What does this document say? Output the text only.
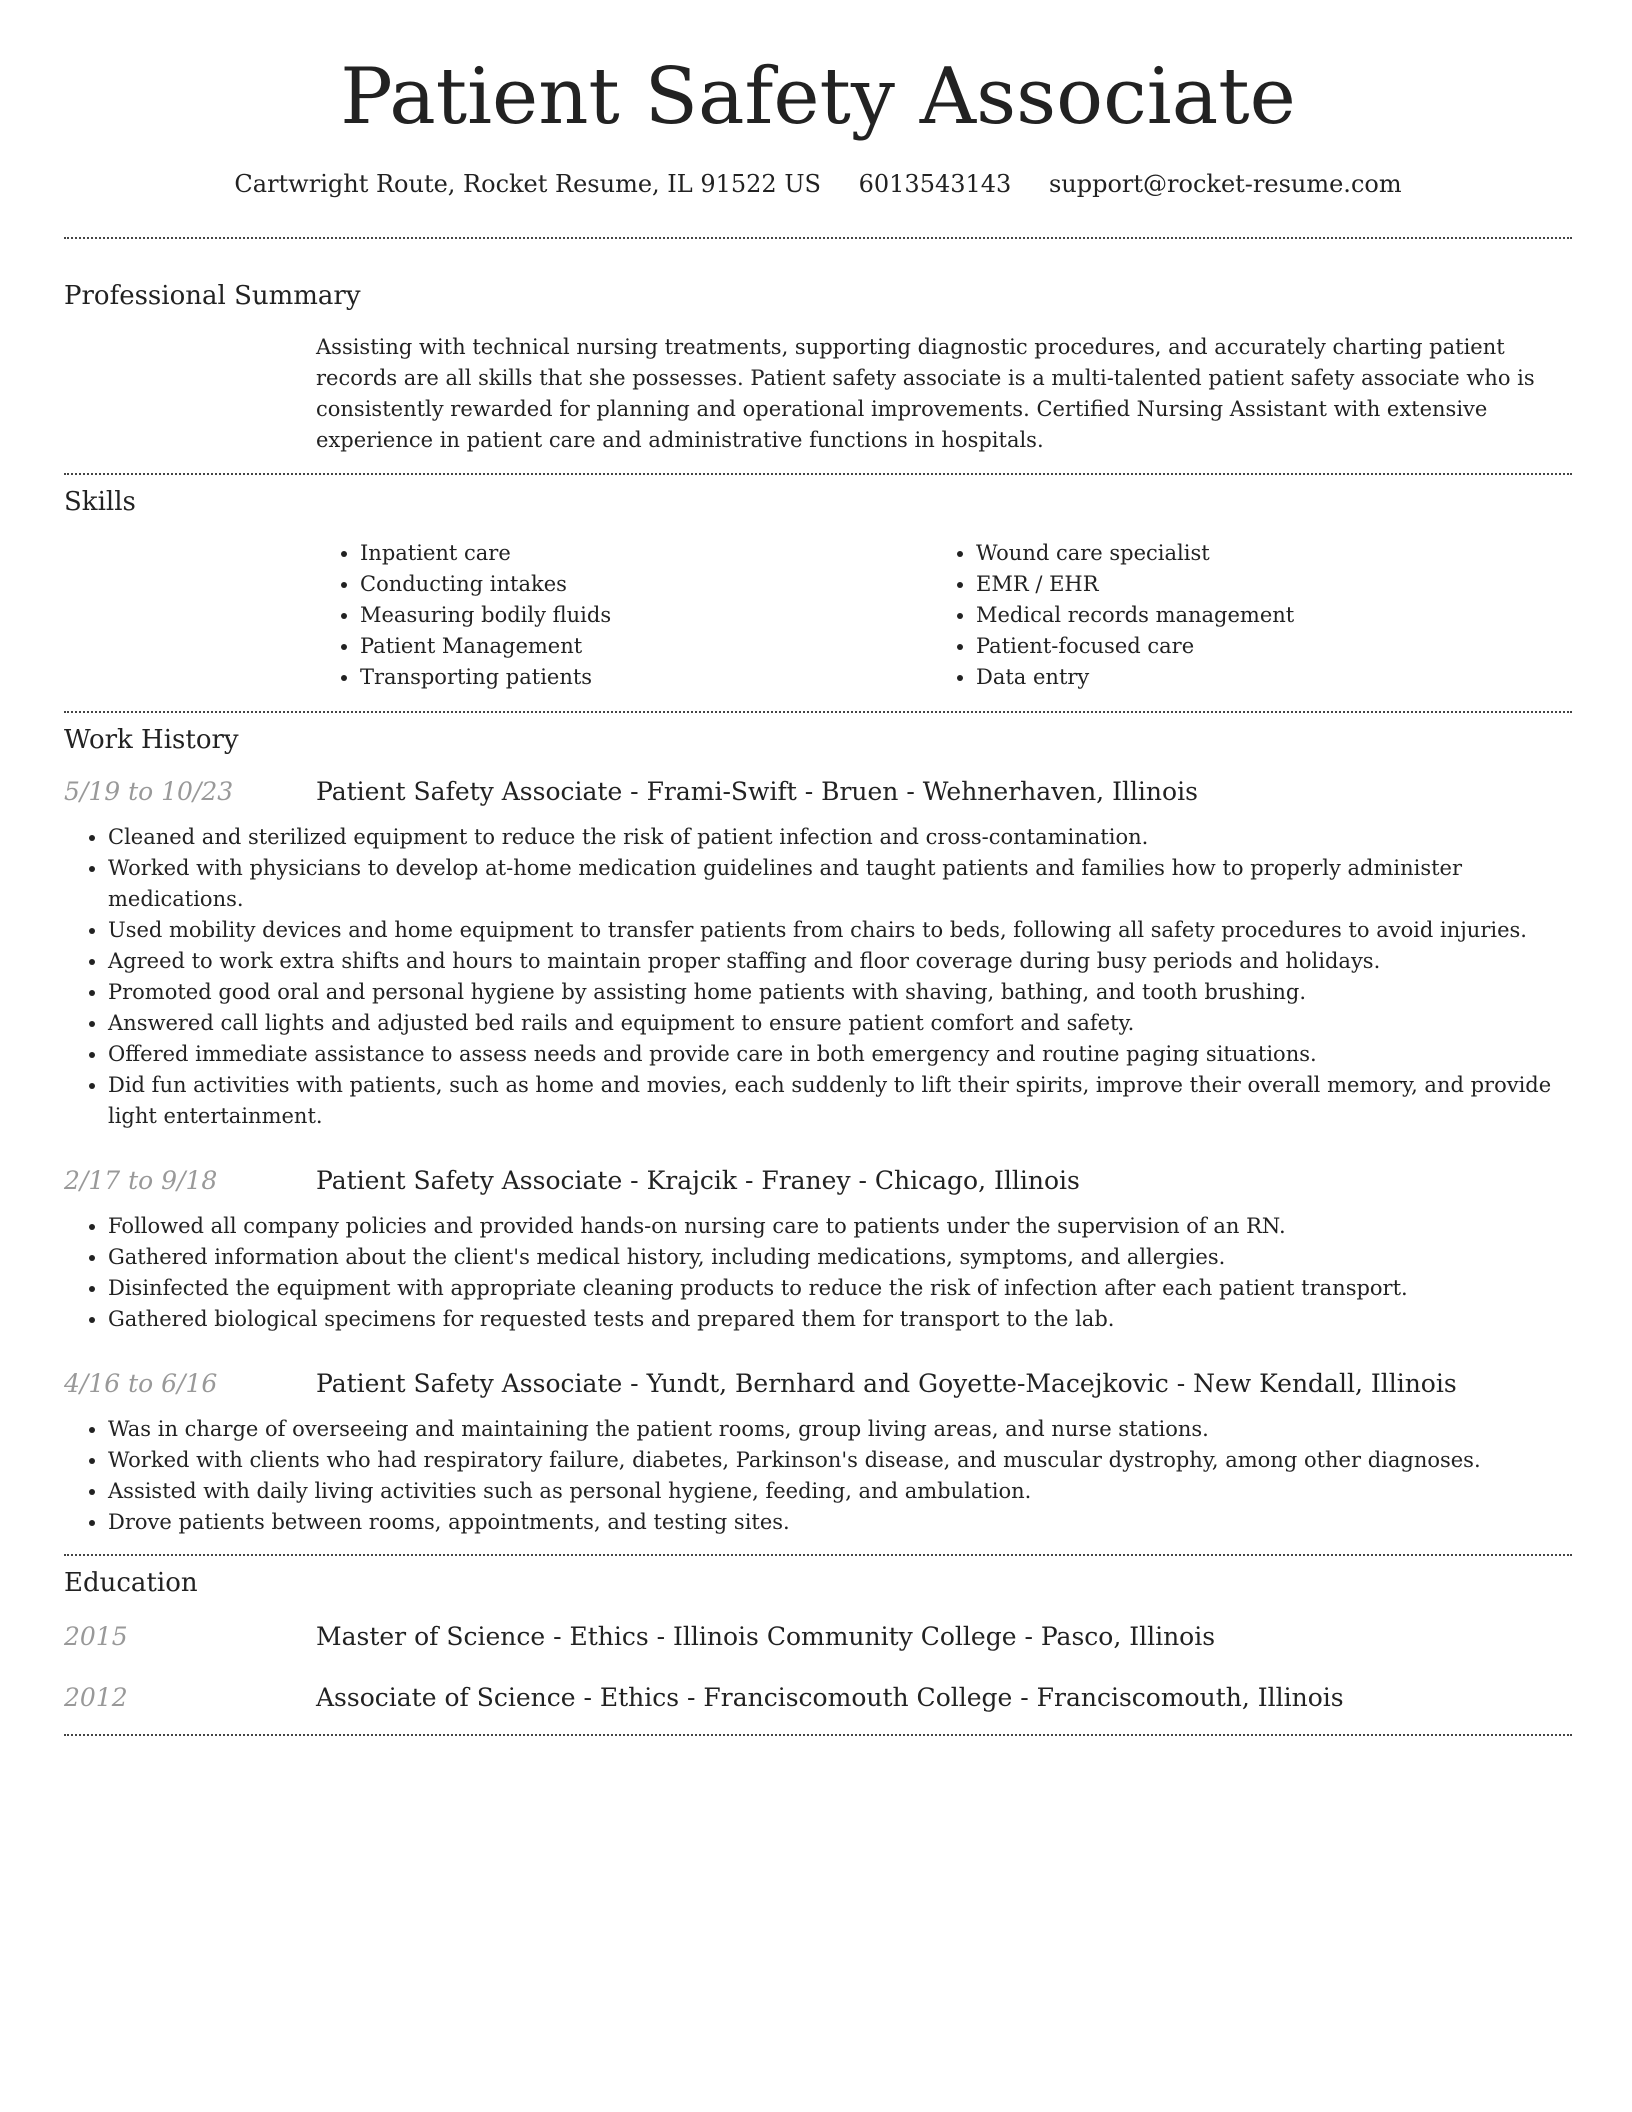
Patient Safety Associate
Cartwright Route, Rocket Resume, IL 91522 US 6013543143 support@rocket-resume.com
Professional Summary
Assisting with technical nursing treatments, supporting diagnostic procedures, and accurately charting patient records are all skills that she possesses. Patient safety associate is a multi-talented patient safety associate who is consistently rewarded for planning and operational improvements. Certified Nursing Assistant with extensive experience in patient care and administrative functions in hospitals.
Skills
• Inpatient care
• Conducting intakes
• Measuring bodily fluids
• Patient Management
• Transporting patients
• Wound care specialist
• EMR / EHR
• Medical records management
• Patient-focused care
• Data entry
Work History
5/19 to 10/23	Patient Safety Associate - Frami-Swift - Bruen - Wehnerhaven, Illinois
• Cleaned and sterilized equipment to reduce the risk of patient infection and cross-contamination.
• Worked with physicians to develop at-home medication guidelines and taught patients and families how to properly administer medications.
• Used mobility devices and home equipment to transfer patients from chairs to beds, following all safety procedures to avoid injuries.
• Agreed to work extra shifts and hours to maintain proper staffing and floor coverage during busy periods and holidays.
• Promoted good oral and personal hygiene by assisting home patients with shaving, bathing, and tooth brushing.
• Answered call lights and adjusted bed rails and equipment to ensure patient comfort and safety.
• Offered immediate assistance to assess needs and provide care in both emergency and routine paging situations.
• Did fun activities with patients, such as home and movies, each suddenly to lift their spirits, improve their overall memory, and provide light entertainment.
2/17 to 9/18	Patient Safety Associate - Krajcik - Franey - Chicago, Illinois
• Followed all company policies and provided hands-on nursing care to patients under the supervision of an RN.
• Gathered information about the client's medical history, including medications, symptoms, and allergies.
• Disinfected the equipment with appropriate cleaning products to reduce the risk of infection after each patient transport.
• Gathered biological specimens for requested tests and prepared them for transport to the lab.
4/16 to 6/16	Patient Safety Associate - Yundt, Bernhard and Goyette-Macejkovic - New Kendall, Illinois
• Was in charge of overseeing and maintaining the patient rooms, group living areas, and nurse stations.
• Worked with clients who had respiratory failure, diabetes, Parkinson's disease, and muscular dystrophy, among other diagnoses.
• Assisted with daily living activities such as personal hygiene, feeding, and ambulation.
• Drove patients between rooms, appointments, and testing sites.
Education
2015	Master of Science - Ethics - Illinois Community College - Pasco, Illinois
2012	Associate of Science - Ethics - Franciscomouth College - Franciscomouth, Illinois
